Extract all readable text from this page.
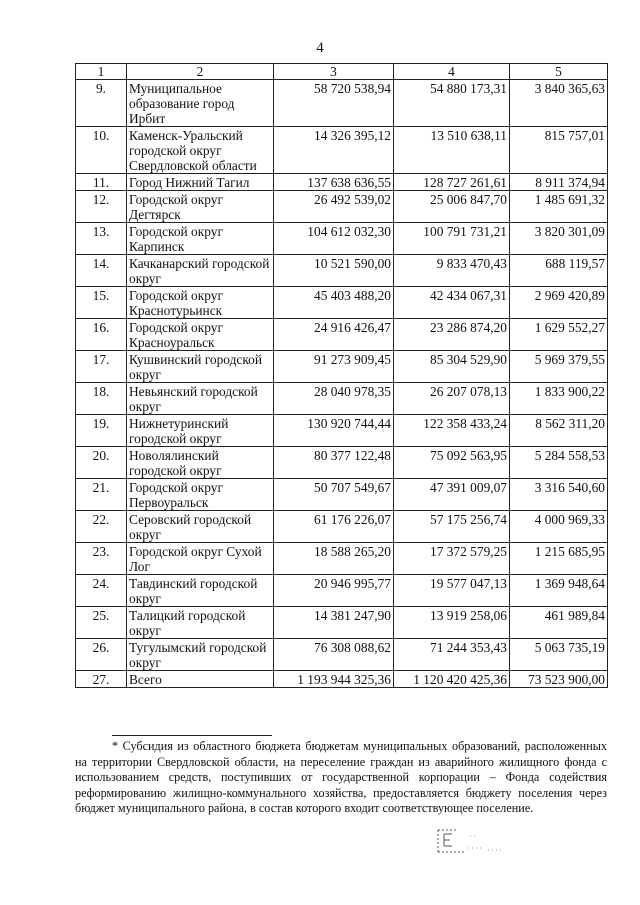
4
1	2	3	4	5
9.	Муниципальное образование город Ирбит	58 720 538,94	54 880 173,31	3 840 365,63
10.	Каменск-Уральский городской округ Свердловской области	14 326 395,12	13 510 638,11	815 757,01
11.	Город Нижний Тагил	137 638 636,55	128 727 261,61	8 911 374,94
12.	Городской округ Дегтярск	26 492 539,02	25 006 847,70	1 485 691,32
13.	Городской округ Карпинск	104 612 032,30	100 791 731,21	3 820 301,09
14.	Качканарский городской округ	10 521 590,00	9 833 470,43	688 119,57
15.	Городской округ Краснотурьинск	45 403 488,20	42 434 067,31	2 969 420,89
16.	Городской округ Красноуральск	24 916 426,47	23 286 874,20	1 629 552,27
17.	Кушвинский городской округ	91 273 909,45	85 304 529,90	5 969 379,55
18.	Невьянский городской округ	28 040 978,35	26 207 078,13	1 833 900,22
19.	Нижнетуринский городской округ	130 920 744,44	122 358 433,24	8 562 311,20
20.	Новолялинский городской округ	80 377 122,48	75 092 563,95	5 284 558,53
21.	Городской округ Первоуральск	50 707 549,67	47 391 009,07	3 316 540,60
22.	Серовский городской округ	61 176 226,07	57 175 256,74	4 000 969,33
23.	Городской округ Сухой Лог	18 588 265,20	17 372 579,25	1 215 685,95
24.	Тавдинский городской округ	20 946 995,77	19 577 047,13	1 369 948,64
25.	Талицкий городской округ	14 381 247,90	13 919 258,06	461 989,84
26.	Тугулымский городской округ	76 308 088,62	71 244 353,43	5 063 735,19
27.	Всего	1 193 944 325,36	1 120 420 425,36	73 523 900,00
* Субсидия из областного бюджета бюджетам муниципальных образований, расположенных на территории Свердловской области, на переселение граждан из аварийного жилищного фонда с использованием средств, поступивших от государственной корпорации – Фонда содействия реформированию жилищно-коммунального хозяйства, предоставляется бюджету поселения через бюджет муниципального района, в состав которого входит соответствующее поселение.
